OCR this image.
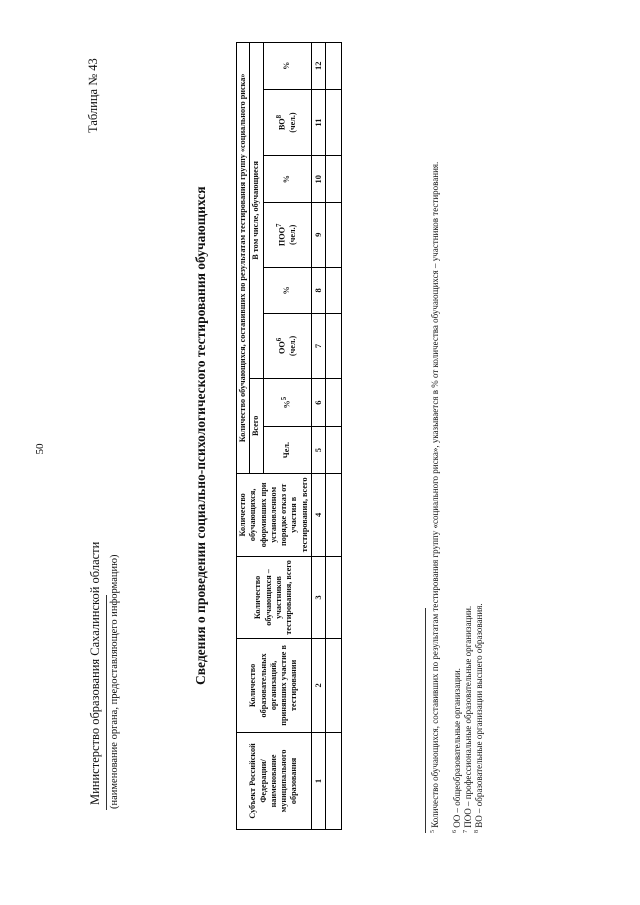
50
Министерство образования Сахалинской области (наименование органа, предоставляющего информацию)
Таблица № 43
Сведения о проведении социально-психологического тестирования обучающихся
Субъект Российской Федерации/наименование муниципального образования	Количество образовательных организаций, принявших участие в тестировании	Количество обучающихся – участников тестирования, всего	Количество обучающихся, оформивших при установленном порядке отказ от участия в тестировании, всего	Количество обучающихся, составивших по результатам тестирования группу «социального риска»							
				Всего		В том числе, обучающиеся					
				Чел.	%$^5$	$ОО^6$ (чел.)	%	ПОО$^7$ (чел.)	%	$ВО^8$ (чел.)	%
1	2	3	4	5	6	7	8	9	10	11	12

$^5$ Количество обучающихся, составивших по результатам тестирования группу «социального риска», указывается в % от количества обучающихся – участников тестирования.
$^6$ ОО – общеобразовательные организации.
$^7$ ПОО – профессиональные образовательные организации.
$^8$ ВО – образовательные организации высшего образования.
